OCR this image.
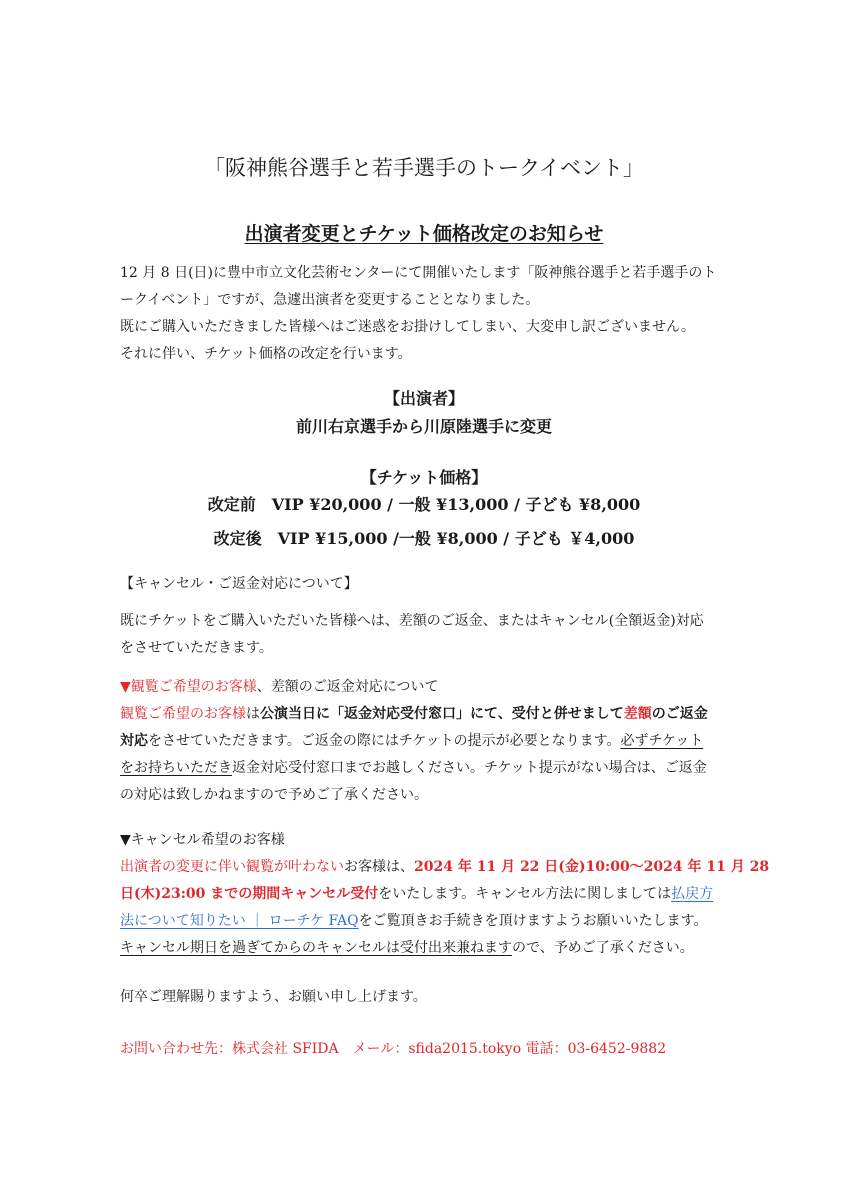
「阪神熊谷選手と若手選手のトークイベント」
出演者変更とチケット価格改定のお知らせ
12 月 8 日(日)に豊中市立文化芸術センターにて開催いたします「阪神熊谷選手と若手選手のト
ークイベント」ですが、急遽出演者を変更することとなりました。
既にご購入いただきました皆様へはご迷惑をお掛けしてしまい、大変申し訳ございません。
それに伴い、チケット価格の改定を行います。
【出演者】
前川右京選手から川原陸選手に変更
【チケット価格】
改定前　VIP ¥20,000 / 一般 ¥13,000 / 子ども ¥8,000
改定後　VIP ¥15,000 /一般 ¥8,000 / 子ども ￥4,000
【キャンセル・ご返金対応について】
既にチケットをご購入いただいた皆様へは、差額のご返金、またはキャンセル(全額返金)対応
をさせていただきます。
▼観覧ご希望のお客様、差額のご返金対応について
観覧ご希望のお客様は公演当日に「返金対応受付窓口」にて、受付と併せまして差額のご返金
対応をさせていただきます。ご返金の際にはチケットの提示が必要となります。必ずチケット
をお持ちいただき返金対応受付窓口までお越しください。チケット提示がない場合は、ご返金
の対応は致しかねますので予めご了承ください。
▼キャンセル希望のお客様
出演者の変更に伴い観覧が叶わないお客様は、2024 年 11 月 22 日(金)10:00～2024 年 11 月 28
日(木)23:00 までの期間キャンセル受付をいたします。キャンセル方法に関しましては払戻方
法について知りたい ｜ ローチケ FAQをご覧頂きお手続きを頂けますようお願いいたします。
キャンセル期日を過ぎてからのキャンセルは受付出来兼ねますので、予めご了承ください。
何卒ご理解賜りますよう、お願い申し上げます。
お問い合わせ先：株式会社 SFIDA　メール：sfida2015.tokyo 電話：03-6452-9882
